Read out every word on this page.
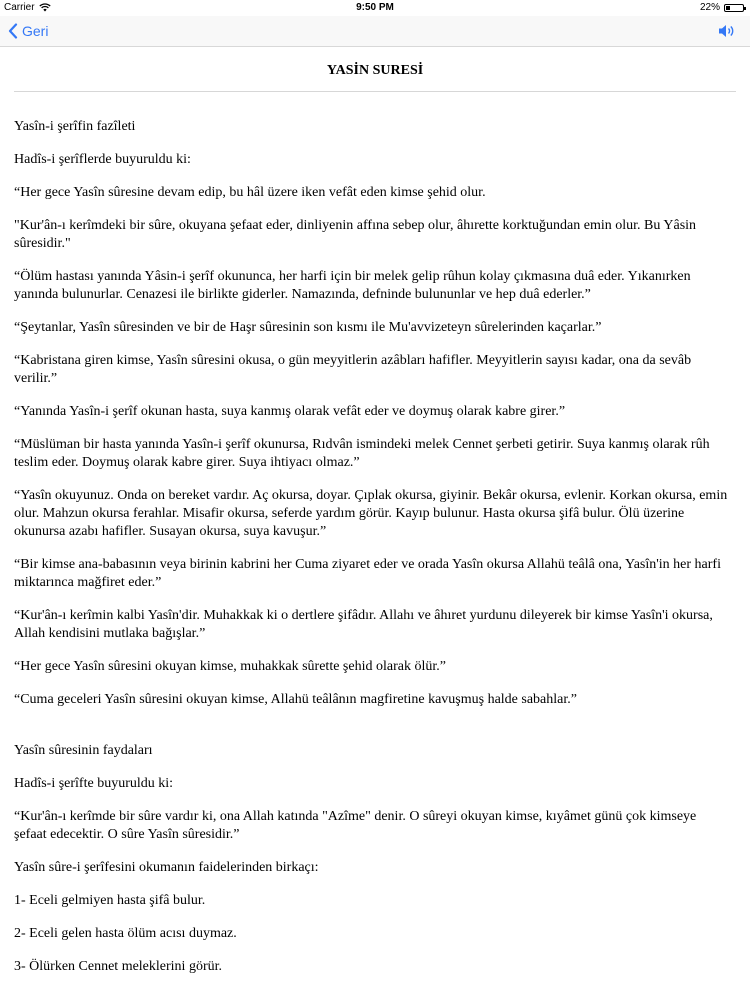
Carrier	9:50 PM	22%
Geri
YASİN SURESİ

Yasîn-i şerîfin fazîleti

Hadîs-i şerîflerde buyuruldu ki:

“Her gece Yasîn sûresine devam edip, bu hâl üzere iken vefât eden kimse şehid olur.

"Kur'ân-ı kerîmdeki bir sûre, okuyana şefaat eder, dinliyenin affına sebep olur, âhırette korktuğundan emin olur. Bu Yâsin sûresidir."

“Ölüm hastası yanında Yâsin-i şerîf okununca, her harfi için bir melek gelip rûhun kolay çıkmasına duâ eder. Yıkanırken yanında bulunurlar. Cenazesi ile birlikte giderler. Namazında, defninde bulununlar ve hep duâ ederler.”

“Şeytanlar, Yasîn sûresinden ve bir de Haşr sûresinin son kısmı ile Mu'avvizeteyn sûrelerinden kaçarlar.”

“Kabristana giren kimse, Yasîn sûresini okusa, o gün meyyitlerin azâbları hafifler. Meyyitlerin sayısı kadar, ona da sevâb verilir.”

“Yanında Yasîn-i şerîf okunan hasta, suya kanmış olarak vefât eder ve doymuş olarak kabre girer.”

“Müslüman bir hasta yanında Yasîn-i şerîf okunursa, Rıdvân ismindeki melek Cennet şerbeti getirir. Suya kanmış olarak rûh teslim eder. Doymuş olarak kabre girer. Suya ihtiyacı olmaz.”

“Yasîn okuyunuz. Onda on bereket vardır. Aç okursa, doyar. Çıplak okursa, giyinir. Bekâr okursa, evlenir. Korkan okursa, emin olur. Mahzun okursa ferahlar. Misafir okursa, seferde yardım görür. Kayıp bulunur. Hasta okursa şifâ bulur. Ölü üzerine okunursa azabı hafifler. Susayan okursa, suya kavuşur.”

“Bir kimse ana-babasının veya birinin kabrini her Cuma ziyaret eder ve orada Yasîn okursa Allahü teâlâ ona, Yasîn'in her harfi miktarınca mağfiret eder.”

“Kur'ân-ı kerîmin kalbi Yasîn'dir. Muhakkak ki o dertlere şifâdır. Allahı ve âhıret yurdunu dileyerek bir kimse Yasîn'i okursa, Allah kendisini mutlaka bağışlar.”

“Her gece Yasîn sûresini okuyan kimse, muhakkak sûrette şehid olarak ölür.”

“Cuma geceleri Yasîn sûresini okuyan kimse, Allahü teâlânın magfiretine kavuşmuş halde sabahlar.”

Yasîn sûresinin faydaları

Hadîs-i şerîfte buyuruldu ki:

“Kur'ân-ı kerîmde bir sûre vardır ki, ona Allah katında "Azîme" denir. O sûreyi okuyan kimse, kıyâmet günü çok kimseye şefaat edecektir. O sûre Yasîn sûresidir.”

Yasîn sûre-i şerîfesini okumanın faidelerinden birkaçı:

1- Eceli gelmiyen hasta şifâ bulur.

2- Eceli gelen hasta ölüm acısı duymaz.

3- Ölürken Cennet meleklerini görür.
